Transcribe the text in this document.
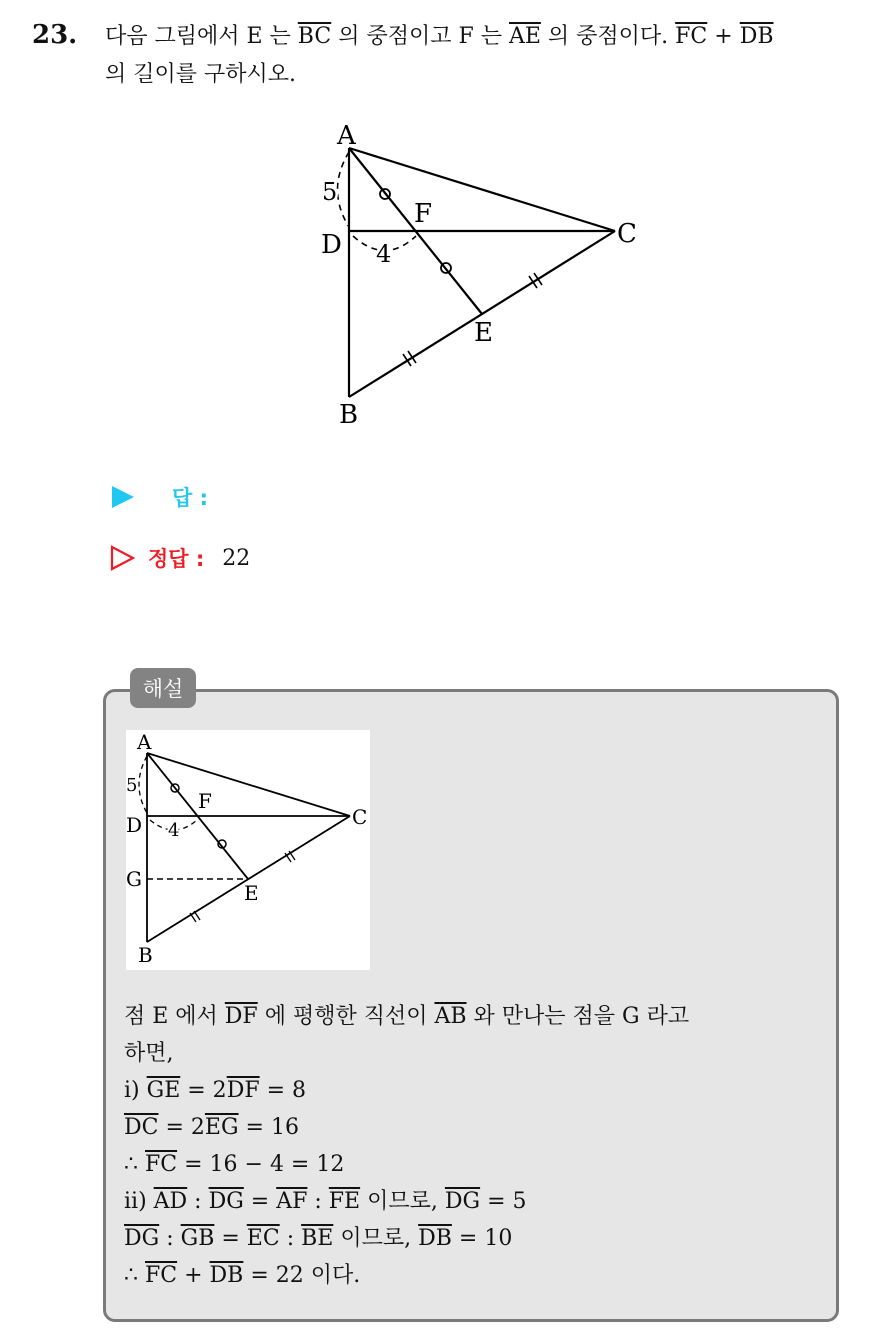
23. 다음 그림에서 E 는 $\overline{BC}$ 의 중점이고 F 는 $\overline{AE}$ 의 중점이다. $\overline{FC} + \overline{DB}$
의 길이를 구하시오.
A
B
C
D
E
F
5
4
답 :
정답 : 22
해설
A
B
C
D
E
F
G
5
4
점 E 에서 $\overline{DF}$ 에 평행한 직선이 $\overline{AB}$ 와 만나는 점을 G 라고
하면,
ⅰ) $\overline{GE} = 2\overline{DF} = 8$
$\overline{DC} = 2\overline{EG} = 16$
∴ $\overline{FC} = 16 - 4 = 12$
ⅱ) $\overline{AD}$ : $\overline{DG} = \overline{AF}$ : $\overline{FE}$ 이므로, $\overline{DG} = 5$
$\overline{DG}$ : $\overline{GB} = \overline{EC}$ : $\overline{BE}$ 이므로, $\overline{DB} = 10$
∴ $\overline{FC} + \overline{DB} = 22$ 이다.
